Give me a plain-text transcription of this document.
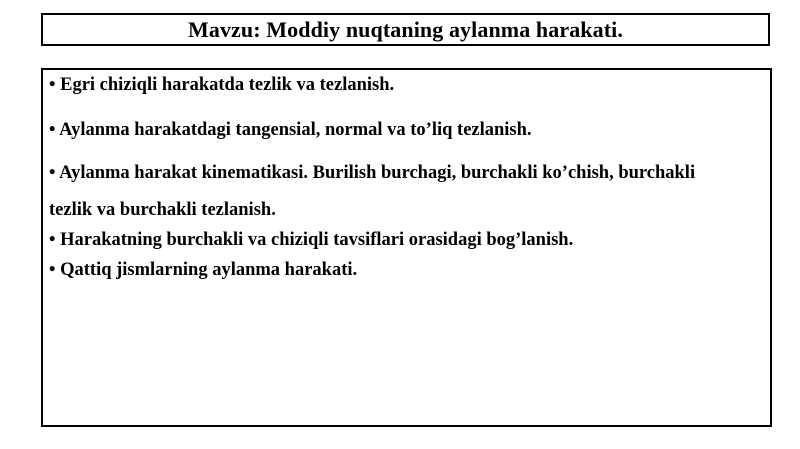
Mavzu: Moddiy nuqtaning aylanma harakati.
• Egri chiziqli harakatda tezlik va tezlanish.
• Aylanma harakatdagi tangensial, normal va to’liq tezlanish.
• Aylanma harakat kinematikasi. Burilish burchagi, burchakli ko’chish, burchakli
tezlik va burchakli tezlanish.
• Harakatning burchakli va chiziqli tavsiflari orasidagi bog’lanish.
• Qattiq jismlarning aylanma harakati.
